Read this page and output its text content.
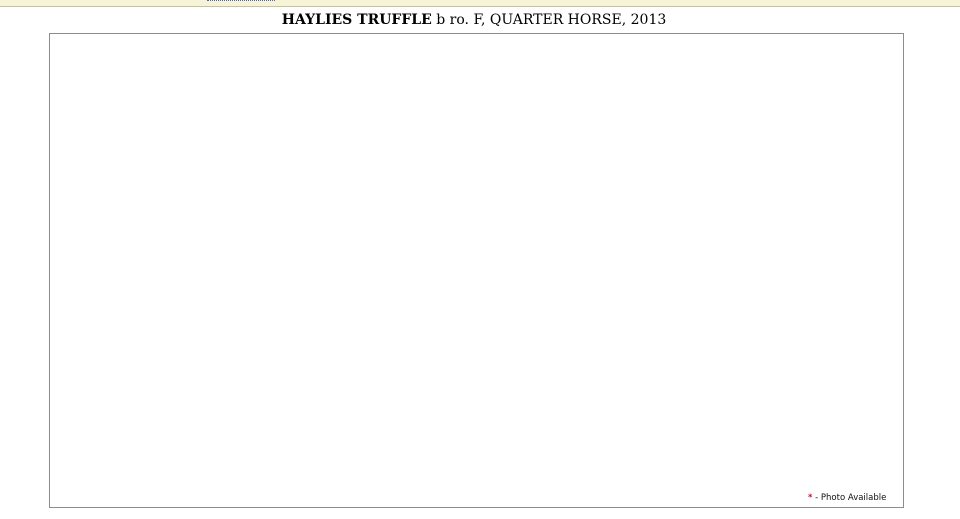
HAYLIES TRUFFLE b ro. F, QUARTER HORSE, 2013
* - Photo Available
